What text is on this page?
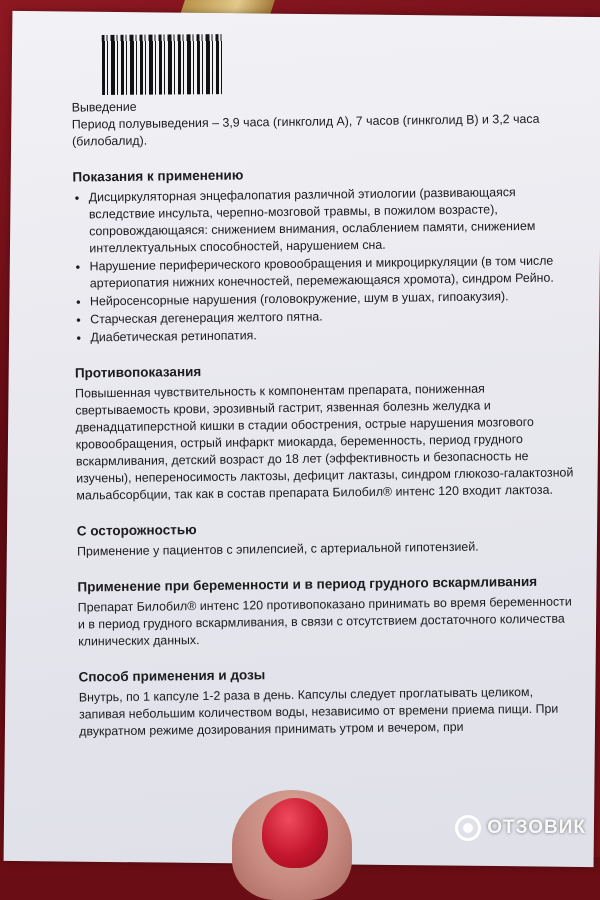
Выведение

Период полувыведения – 3,9 часа (гинкголид А), 7 часов (гинкголид В) и 3,2 часа (билобалид).

Показания к применению

• Дисциркуляторная энцефалопатия различной этиологии (развивающаяся вследствие инсульта, черепно-мозговой травмы, в пожилом возрасте), сопровождающаяся: снижением внимания, ослаблением памяти, снижением интеллектуальных способностей, нарушением сна.
• Нарушение периферического кровообращения и микроциркуляции (в том числе артериопатия нижних конечностей, перемежающаяся хромота), синдром Рейно.
• Нейросенсорные нарушения (головокружение, шум в ушах, гипоакузия).
• Старческая дегенерация желтого пятна.
• Диабетическая ретинопатия.

Противопоказания

Повышенная чувствительность к компонентам препарата, пониженная свертываемость крови, эрозивный гастрит, язвенная болезнь желудка и двенадцатиперстной кишки в стадии обострения, острые нарушения мозгового кровообращения, острый инфаркт миокарда, беременность, период грудного вскармливания, детский возраст до 18 лет (эффективность и безопасность не изучены), непереносимость лактозы, дефицит лактазы, синдром глюкозо-галактозной мальабсорбции, так как в состав препарата Билобил® интенс 120 входит лактоза.

С осторожностью

Применение у пациентов с эпилепсией, с артериальной гипотензией.

Применение при беременности и в период грудного вскармливания

Препарат Билобил® интенс 120 противопоказано принимать во время беременности и в период грудного вскармливания, в связи с отсутствием достаточного количества клинических данных.

Способ применения и дозы

Внутрь, по 1 капсуле 1-2 раза в день. Капсулы следует проглатывать целиком, запивая небольшим количеством воды, независимо от времени приема пищи. При двукратном режиме дозирования принимать утром и вечером, при

ОТЗОВИК
